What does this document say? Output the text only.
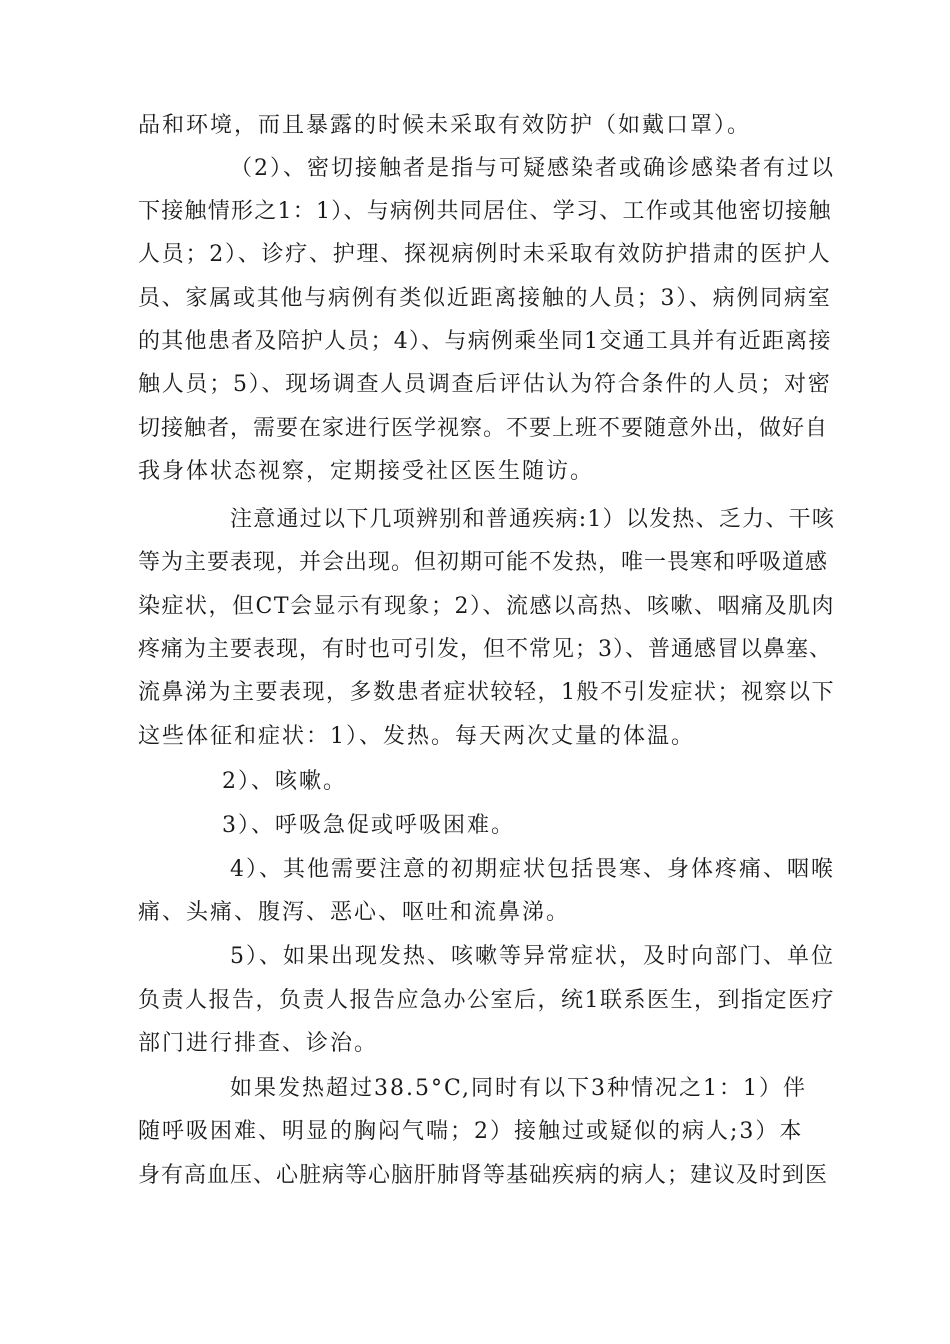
品和环境，而且暴露的时候未采取有效防护（如戴口罩）。
（2）、密切接触者是指与可疑感染者或确诊感染者有过以
下接触情形之1：1）、与病例共同居住、学习、工作或其他密切接触
人员；2）、诊疗、护理、探视病例时未采取有效防护措肃的医护人
员、家属或其他与病例有类似近距离接触的人员；3）、病例同病室
的其他患者及陪护人员；4）、与病例乘坐同1交通工具并有近距离接
触人员；5）、现场调查人员调查后评估认为符合条件的人员；对密
切接触者，需要在家进行医学视察。不要上班不要随意外出，做好自
我身体状态视察，定期接受社区医生随访。
注意通过以下几项辨别和普通疾病:1）以发热、乏力、干咳
等为主要表现，并会出现。但初期可能不发热，唯一畏寒和呼吸道感
染症状，但CT会显示有现象；2）、流感以高热、咳嗽、咽痛及肌肉
疼痛为主要表现，有时也可引发，但不常见；3）、普通感冒以鼻塞、
流鼻涕为主要表现，多数患者症状较轻，1般不引发症状；视察以下
这些体征和症状：1）、发热。每天两次丈量的体温。
2）、咳嗽。
3）、呼吸急促或呼吸困难。
4）、其他需要注意的初期症状包括畏寒、身体疼痛、咽喉
痛、头痛、腹泻、恶心、呕吐和流鼻涕。
5）、如果出现发热、咳嗽等异常症状，及时向部门、单位
负责人报告，负责人报告应急办公室后，统1联系医生，到指定医疗
部门进行排查、诊治。
如果发热超过38.5°C,同时有以下3种情况之1：1）伴
随呼吸困难、明显的胸闷气喘；2）接触过或疑似的病人;3）本
身有高血压、心脏病等心脑肝肺肾等基础疾病的病人；建议及时到医
